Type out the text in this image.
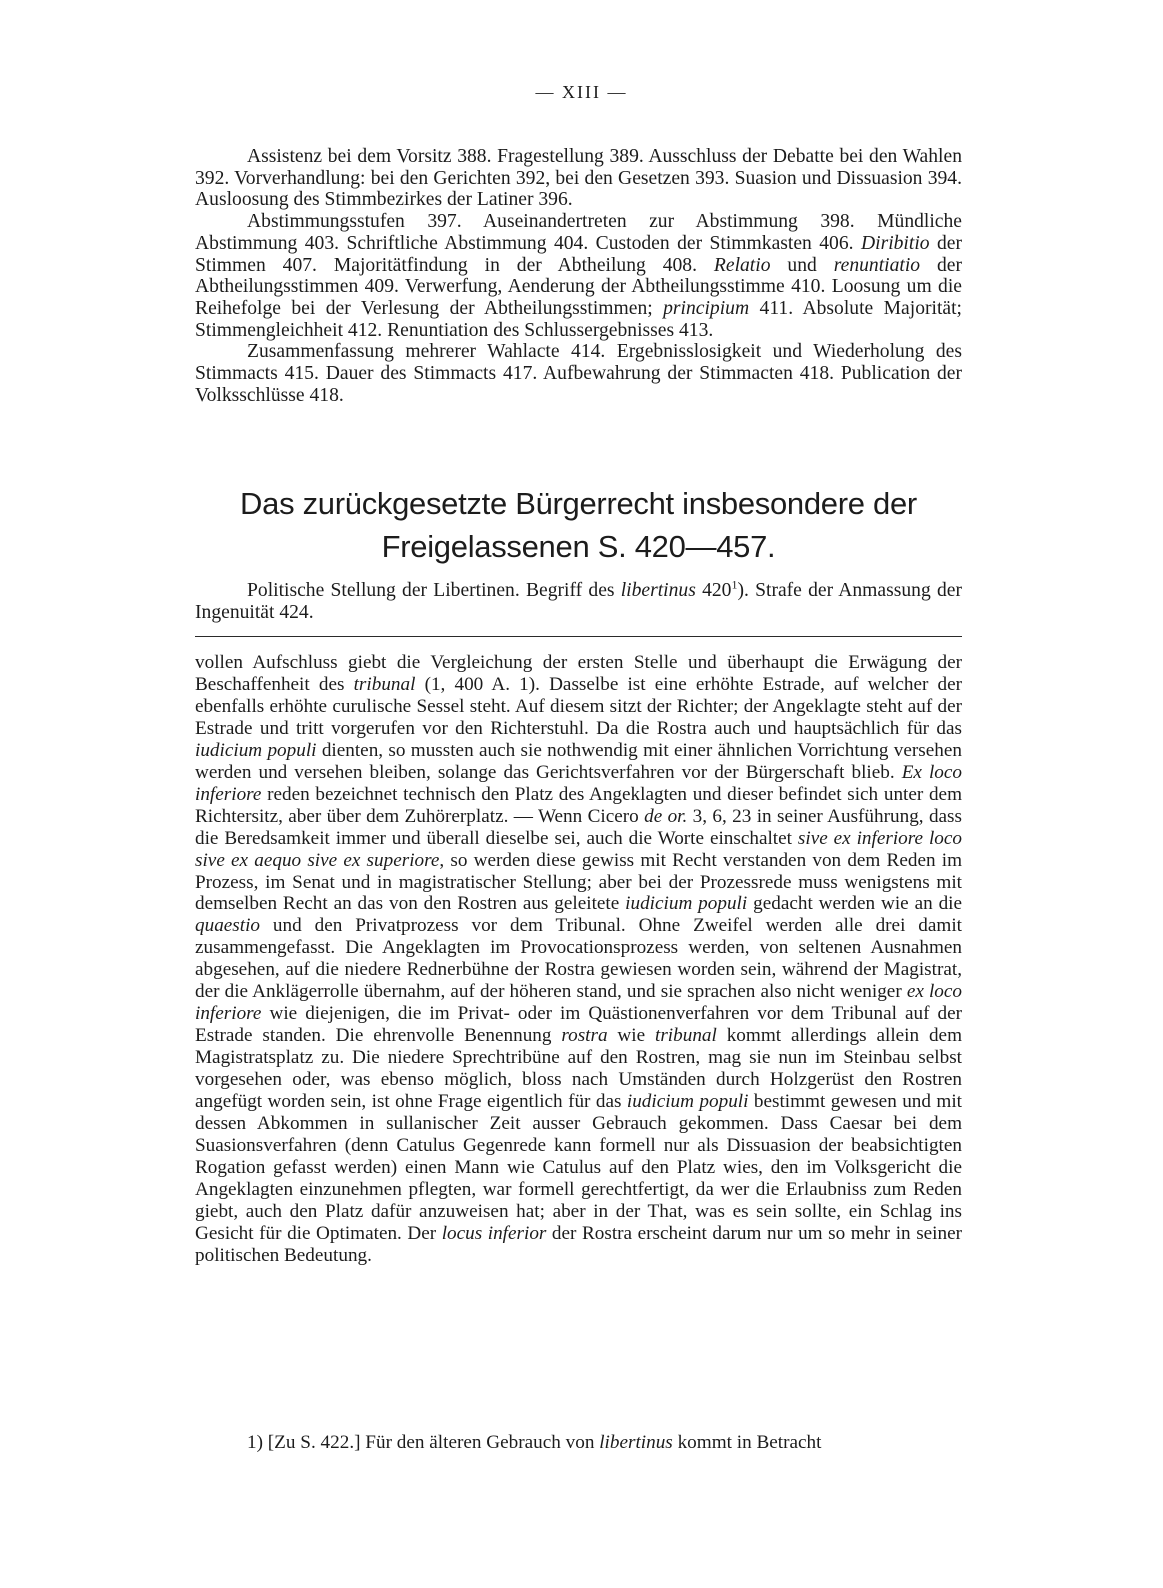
— XIII —

Assistenz bei dem Vorsitz 388. Fragestellung 389. Ausschluss der Debatte bei den Wahlen 392. Vorverhandlung: bei den Gerichten 392, bei den Gesetzen 393. Suasion und Dissuasion 394. Ausloosung des Stimmbezirkes der Latiner 396.

Abstimmungsstufen 397. Auseinandertreten zur Abstimmung 398. Mündliche Abstimmung 403. Schriftliche Abstimmung 404. Custoden der Stimmkasten 406. Diribitio der Stimmen 407. Majoritätfindung in der Abtheilung 408. Relatio und renuntiatio der Abtheilungsstimmen 409. Verwerfung, Aenderung der Abtheilungsstimme 410. Loosung um die Reihefolge bei der Verlesung der Abtheilungsstimmen; principium 411. Absolute Majorität; Stimmengleichheit 412. Renuntiation des Schlussergebnisses 413.

Zusammenfassung mehrerer Wahlacte 414. Ergebnisslosigkeit und Wiederholung des Stimmacts 415. Dauer des Stimmacts 417. Aufbewahrung der Stimmacten 418. Publication der Volksschlüsse 418.

Das zurückgesetzte Bürgerrecht insbesondere der Freigelassenen S. 420—457.

Politische Stellung der Libertinen. Begriff des libertinus $420^1$). Strafe der Anmassung der Ingenuität 424.

vollen Aufschluss giebt die Vergleichung der ersten Stelle und überhaupt die Erwägung der Beschaffenheit des tribunal (1, 400 A. 1). Dasselbe ist eine erhöhte Estrade, auf welcher der ebenfalls erhöhte curulische Sessel steht. Auf diesem sitzt der Richter; der Angeklagte steht auf der Estrade und tritt vorgerufen vor den Richterstuhl. Da die Rostra auch und hauptsächlich für das iudicium populi dienten, so mussten auch sie nothwendig mit einer ähnlichen Vorrichtung versehen werden und versehen bleiben, solange das Gerichtsverfahren vor der Bürgerschaft blieb. Ex loco inferiore reden bezeichnet technisch den Platz des Angeklagten und dieser befindet sich unter dem Richtersitz, aber über dem Zuhörerplatz. — Wenn Cicero de or. 3, 6, 23 in seiner Ausführung, dass die Beredsamkeit immer und überall dieselbe sei, auch die Worte einschaltet sive ex inferiore loco sive ex aequo sive ex superiore, so werden diese gewiss mit Recht verstanden von dem Reden im Prozess, im Senat und in magistratischer Stellung; aber bei der Prozessrede muss wenigstens mit demselben Recht an das von den Rostren aus geleitete iudicium populi gedacht werden wie an die quaestio und den Privatprozess vor dem Tribunal. Ohne Zweifel werden alle drei damit zusammengefasst. Die Angeklagten im Provocationsprozess werden, von seltenen Ausnahmen abgesehen, auf die niedere Rednerbühne der Rostra gewiesen worden sein, während der Magistrat, der die Anklägerrolle übernahm, auf der höheren stand, und sie sprachen also nicht weniger ex loco inferiore wie diejenigen, die im Privat- oder im Quästionenverfahren vor dem Tribunal auf der Estrade standen. Die ehrenvolle Benennung rostra wie tribunal kommt allerdings allein dem Magistratsplatz zu. Die niedere Sprechtribüne auf den Rostren, mag sie nun im Steinbau selbst vorgesehen oder, was ebenso möglich, bloss nach Umständen durch Holzgerüst den Rostren angefügt worden sein, ist ohne Frage eigentlich für das iudicium populi bestimmt gewesen und mit dessen Abkommen in sullanischer Zeit ausser Gebrauch gekommen. Dass Caesar bei dem Suasionsverfahren (denn Catulus Gegenrede kann formell nur als Dissuasion der beabsichtigten Rogation gefasst werden) einen Mann wie Catulus auf den Platz wies, den im Volksgericht die Angeklagten einzunehmen pflegten, war formell gerechtfertigt, da wer die Erlaubniss zum Reden giebt, auch den Platz dafür anzuweisen hat; aber in der That, was es sein sollte, ein Schlag ins Gesicht für die Optimaten. Der locus inferior der Rostra erscheint darum nur um so mehr in seiner politischen Bedeutung.

1) [Zu S. 422.] Für den älteren Gebrauch von libertinus kommt in Betracht
